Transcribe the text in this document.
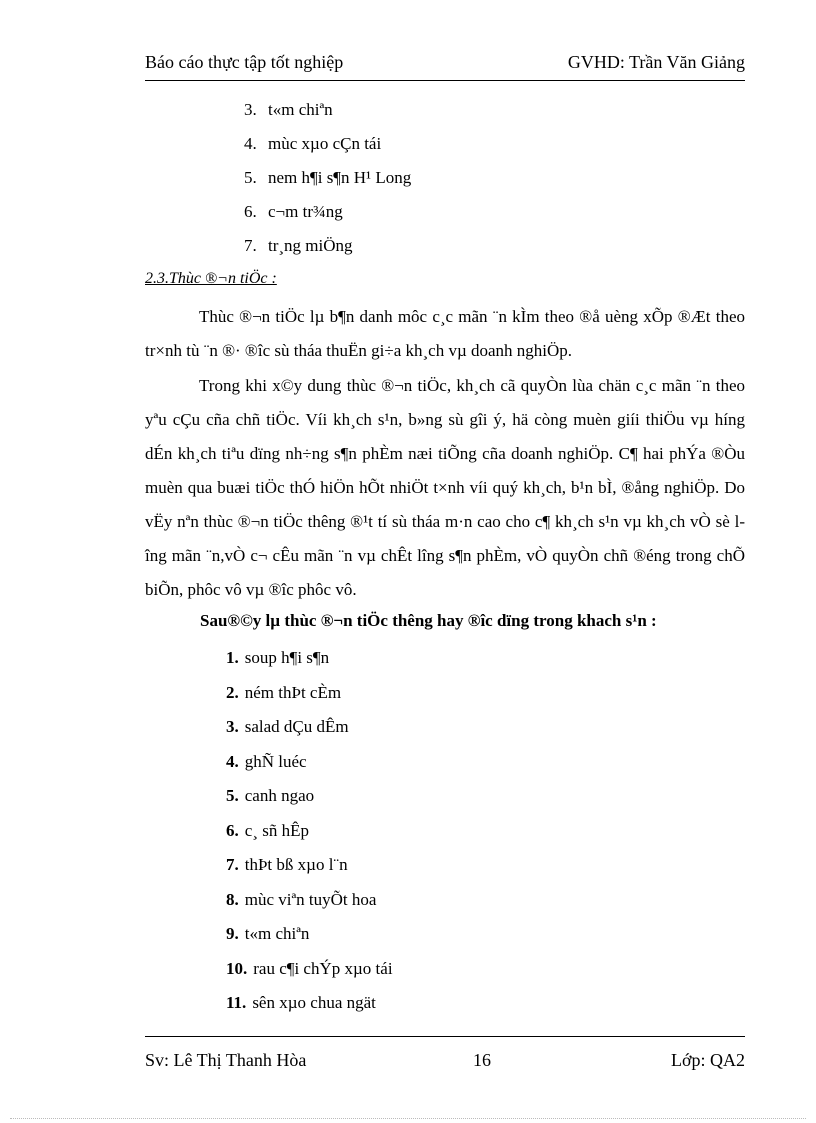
Báo cáo thực tập tốt nghiệp	GVHD: Trần Văn Giảng
3. t«m chiªn
4. mùc xµo cÇn tái
5. nem h¶i s¶n H¹ Long
6. c¬m tr¾ng
7. tr¸ng miÖng
2.3.Thùc ®¬n tiÖc :

Thùc ®¬n tiÖc lµ b¶n danh môc c¸c mãn ¨n kÌm theo ®å uèng xÕp ®Æt theo tr×nh tù ¨n ®· ®îc sù tháa thuËn gi÷a kh¸ch vµ doanh nghiÖp.

Trong khi x©y dung thùc ®¬n tiÖc, kh¸ch cã quyÒn lùa chän c¸c mãn ¨n theo yªu cÇu cña chñ tiÖc. Víi kh¸ch s¹n, b»ng sù gîi ý, hä còng muèn giíi thiÖu vµ híng dÉn kh¸ch tiªu dïng nh÷ng s¶n phÈm næi tiÕng cña doanh nghiÖp. C¶ hai phÝa ®Òu muèn qua buæi tiÖc thÓ hiÖn hÕt nhiÖt t×nh víi quý kh¸ch, b¹n bÌ, ®ång nghiÖp. Do vËy nªn thùc ®¬n tiÖc thêng ®¹t tí sù tháa m·n cao cho c¶ kh¸ch s¹n vµ kh¸ch vÒ sè lîng mãn ¨n,vÒ c¬ cÊu mãn ¨n vµ chÊt lîng s¶n phÈm, vÒ quyÒn chñ ®éng trong chÕ biÕn, phôc vô vµ ®îc phôc vô.

Sau®©y lµ thùc ®¬n tiÖc thêng hay ®îc dïng trong khach s¹n :
1. soup h¶i s¶n
2. ném thÞt cÈm
3. salad dÇu dÊm
4. ghÑ luéc
5. canh ngao
6. c¸ sñ hÊp
7. thÞt bß xµo l¨n
8. mùc viªn tuyÕt hoa
9. t«m chiªn
10. rau c¶i chÝp xµo tái
11. sên xµo chua ngät
Sv: Lê Thị Thanh Hòa	16	Lớp: QA2
